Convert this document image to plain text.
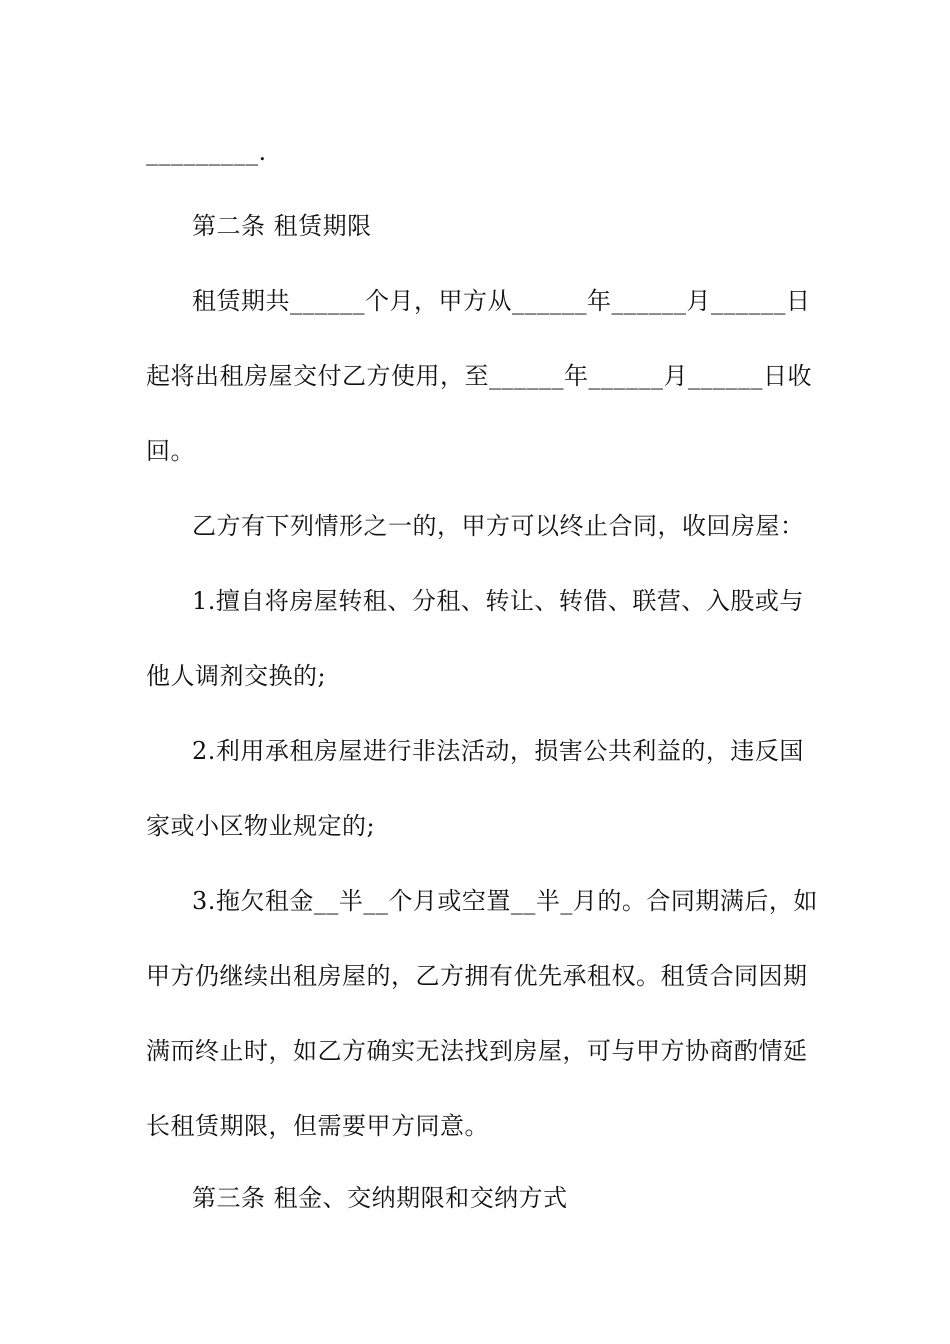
_________.
第二条 租赁期限
租赁期共______个月，甲方从______年______月______日
起将出租房屋交付乙方使用，至______年______月______日收
回。
乙方有下列情形之一的，甲方可以终止合同，收回房屋：
1.擅自将房屋转租、分租、转让、转借、联营、入股或与
他人调剂交换的;
2.利用承租房屋进行非法活动，损害公共利益的，违反国
家或小区物业规定的;
3.拖欠租金__半__个月或空置__半_月的。合同期满后，如
甲方仍继续出租房屋的，乙方拥有优先承租权。租赁合同因期
满而终止时，如乙方确实无法找到房屋，可与甲方协商酌情延
长租赁期限，但需要甲方同意。
第三条 租金、交纳期限和交纳方式
